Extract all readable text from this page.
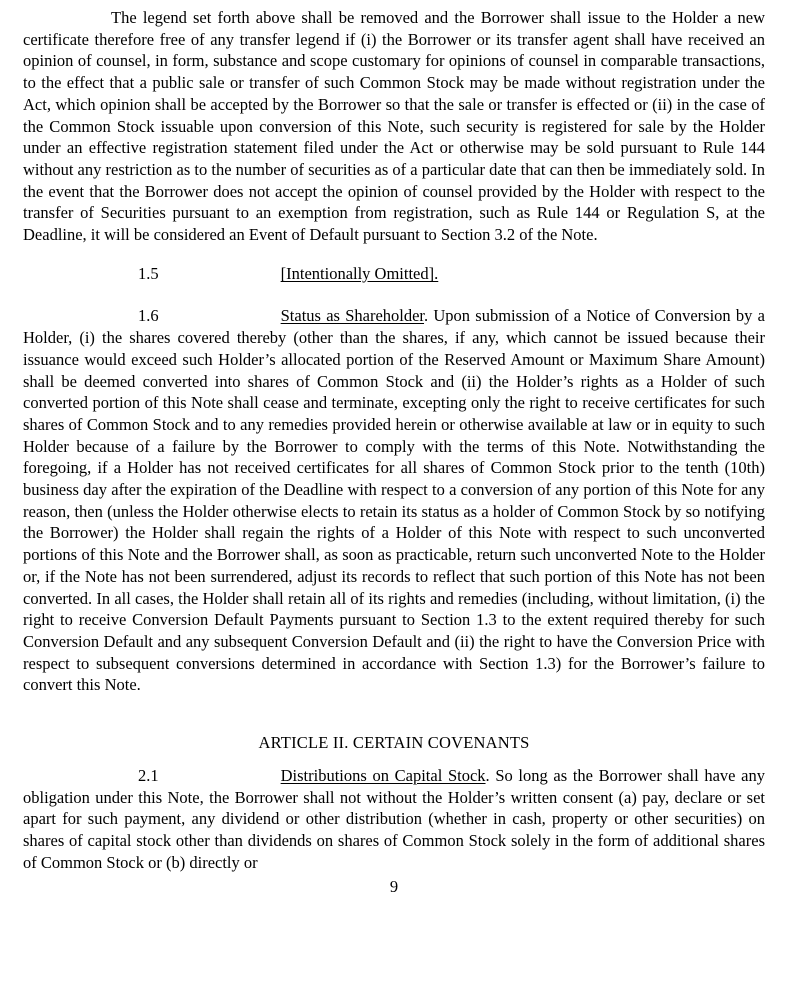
The legend set forth above shall be removed and the Borrower shall issue to the Holder a new certificate therefore free of any transfer legend if (i) the Borrower or its transfer agent shall have received an opinion of counsel, in form, substance and scope customary for opinions of counsel in comparable transactions, to the effect that a public sale or transfer of such Common Stock may be made without registration under the Act, which opinion shall be accepted by the Borrower so that the sale or transfer is effected or (ii) in the case of the Common Stock issuable upon conversion of this Note, such security is registered for sale by the Holder under an effective registration statement filed under the Act or otherwise may be sold pursuant to Rule 144 without any restriction as to the number of securities as of a particular date that can then be immediately sold. In the event that the Borrower does not accept the opinion of counsel provided by the Holder with respect to the transfer of Securities pursuant to an exemption from registration, such as Rule 144 or Regulation S, at the Deadline, it will be considered an Event of Default pursuant to Section 3.2 of the Note.

1.5	[Intentionally Omitted].

1.6	Status as Shareholder. Upon submission of a Notice of Conversion by a Holder, (i) the shares covered thereby (other than the shares, if any, which cannot be issued because their issuance would exceed such Holder’s allocated portion of the Reserved Amount or Maximum Share Amount) shall be deemed converted into shares of Common Stock and (ii) the Holder’s rights as a Holder of such converted portion of this Note shall cease and terminate, excepting only the right to receive certificates for such shares of Common Stock and to any remedies provided herein or otherwise available at law or in equity to such Holder because of a failure by the Borrower to comply with the terms of this Note. Notwithstanding the foregoing, if a Holder has not received certificates for all shares of Common Stock prior to the tenth (10th) business day after the expiration of the Deadline with respect to a conversion of any portion of this Note for any reason, then (unless the Holder otherwise elects to retain its status as a holder of Common Stock by so notifying the Borrower) the Holder shall regain the rights of a Holder of this Note with respect to such unconverted portions of this Note and the Borrower shall, as soon as practicable, return such unconverted Note to the Holder or, if the Note has not been surrendered, adjust its records to reflect that such portion of this Note has not been converted. In all cases, the Holder shall retain all of its rights and remedies (including, without limitation, (i) the right to receive Conversion Default Payments pursuant to Section 1.3 to the extent required thereby for such Conversion Default and any subsequent Conversion Default and (ii) the right to have the Conversion Price with respect to subsequent conversions determined in accordance with Section 1.3) for the Borrower’s failure to convert this Note.

ARTICLE II. CERTAIN COVENANTS

2.1	Distributions on Capital Stock. So long as the Borrower shall have any obligation under this Note, the Borrower shall not without the Holder’s written consent (a) pay, declare or set apart for such payment, any dividend or other distribution (whether in cash, property or other securities) on shares of capital stock other than dividends on shares of Common Stock solely in the form of additional shares of Common Stock or (b) directly or

9
